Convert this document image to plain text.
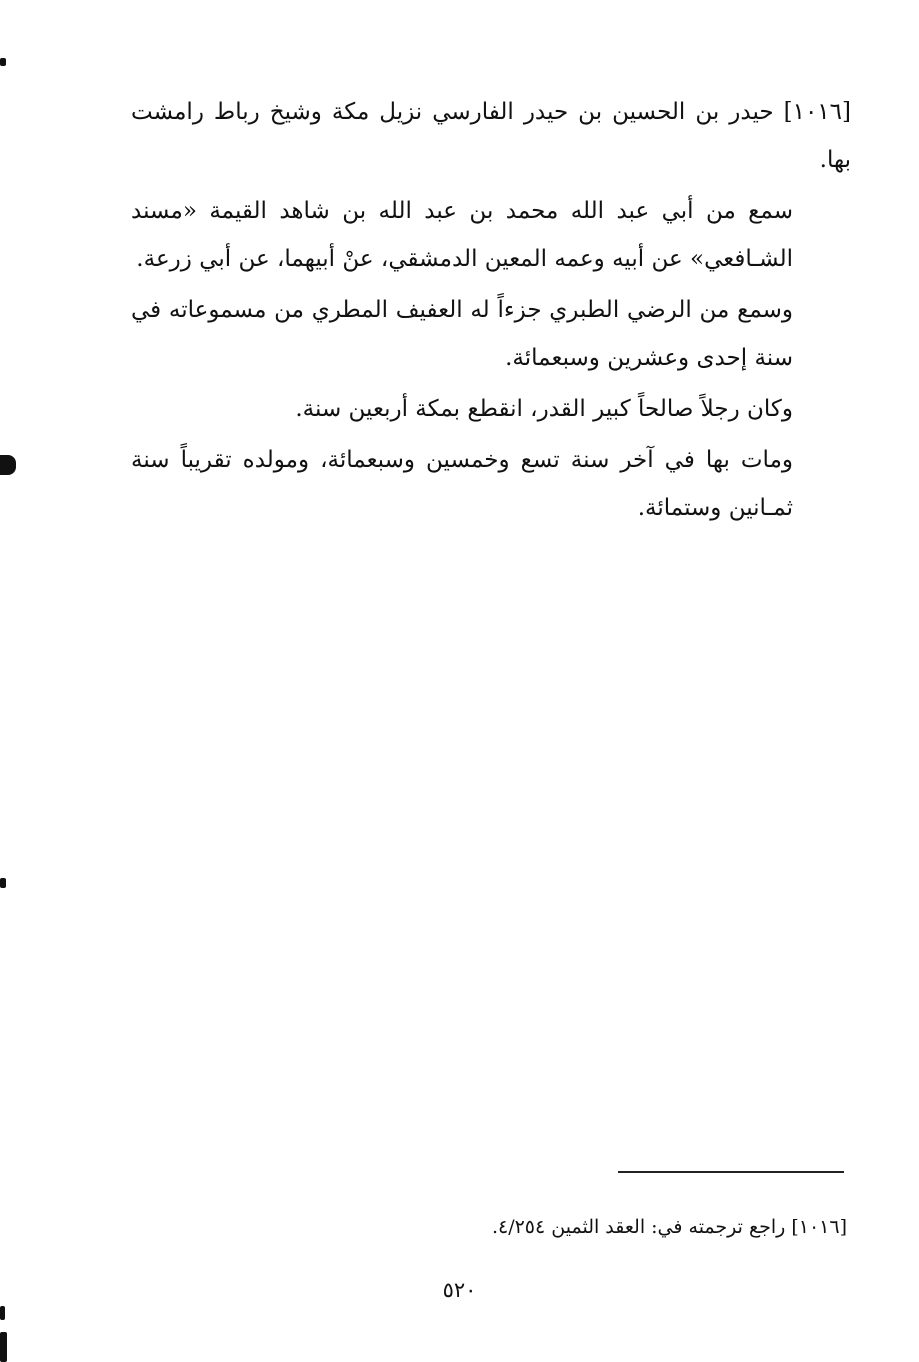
[١٠١٦] حيدر بن الحسين بن حيدر الفارسي نزيل مكة وشيخ رباط رامشت بها.

سمع من أبي عبد الله محمد بن عبد الله بن شاهد القيمة «مسند الشـافعي» عن أبيه وعمه المعين الدمشقي، عنْ أبيهما، عن أبي زرعة.

وسمع من الرضي الطبري جزءاً له العفيف المطري من مسموعاته في سنة إحدى وعشرين وسبعمائة.

وكان رجلاً صالحاً كبير القدر، انقطع بمكة أربعين سنة.

ومات بها في آخر سنة تسع وخمسين وسبعمائة، ومولده تقريباً سنة ثمـانين وستمائة.

[١٠١٦] راجع ترجمته في: العقد الثمين ٤/٢٥٤.
٥٢٠
